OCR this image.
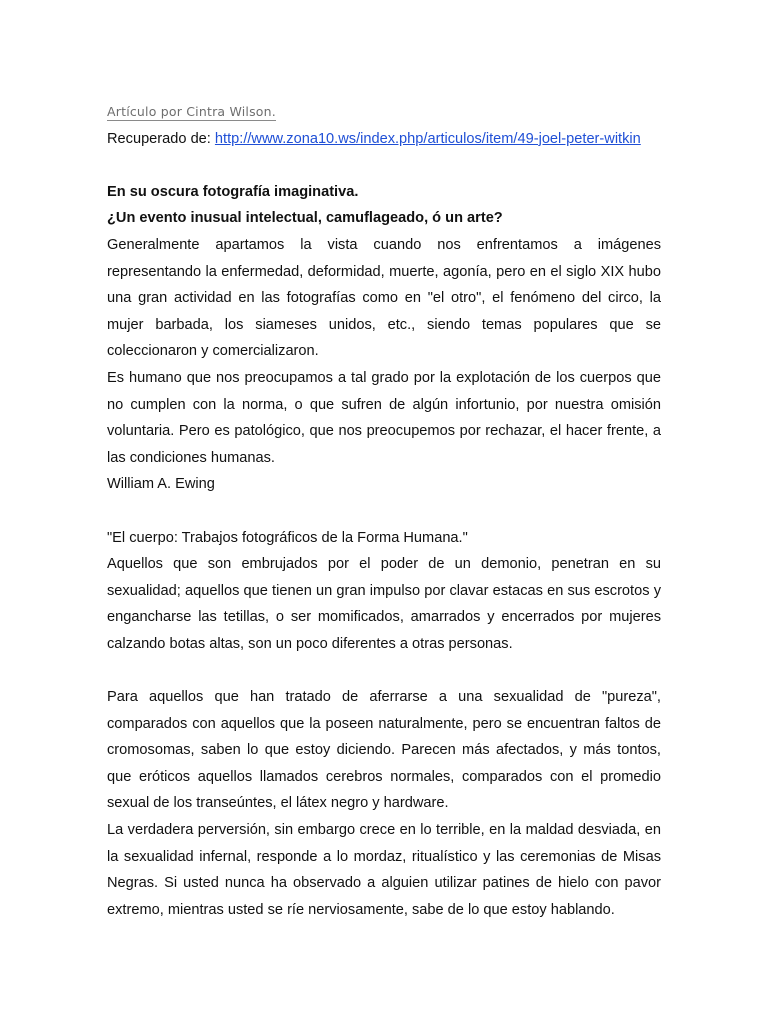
Artículo por Cintra Wilson.
Recuperado de: http://www.zona10.ws/index.php/articulos/item/49-joel-peter-witkin

En su oscura fotografía imaginativa.

¿Un evento inusual intelectual, camuflageado, ó un arte?

Generalmente apartamos la vista cuando nos enfrentamos a imágenes representando la enfermedad, deformidad, muerte, agonía, pero en el siglo XIX hubo una gran actividad en las fotografías como en "el otro", el fenómeno del circo, la mujer barbada, los siameses unidos, etc., siendo temas populares que se coleccionaron y comercializaron.

Es humano que nos preocupamos a tal grado por la explotación de los cuerpos que no cumplen con la norma, o que sufren de algún infortunio, por nuestra omisión voluntaria. Pero es patológico, que nos preocupemos por rechazar, el hacer frente, a las condiciones humanas.

William A. Ewing

"El cuerpo: Trabajos fotográficos de la Forma Humana."

Aquellos que son embrujados por el poder de un demonio, penetran en su sexualidad; aquellos que tienen un gran impulso por clavar estacas en sus escrotos y engancharse las tetillas, o ser momificados, amarrados y encerrados por mujeres calzando botas altas, son un poco diferentes a otras personas.

Para aquellos que han tratado de aferrarse a una sexualidad de "pureza", comparados con aquellos que la poseen naturalmente, pero se encuentran faltos de cromosomas, saben lo que estoy diciendo. Parecen más afectados, y más tontos, que eróticos aquellos llamados cerebros normales, comparados con el promedio sexual de los transeúntes, el látex negro y hardware.

La verdadera perversión, sin embargo crece en lo terrible, en la maldad desviada, en la sexualidad infernal, responde a lo mordaz, ritualístico y las ceremonias de Misas Negras. Si usted nunca ha observado a alguien utilizar patines de hielo con pavor extremo, mientras usted se ríe nerviosamente, sabe de lo que estoy hablando.
